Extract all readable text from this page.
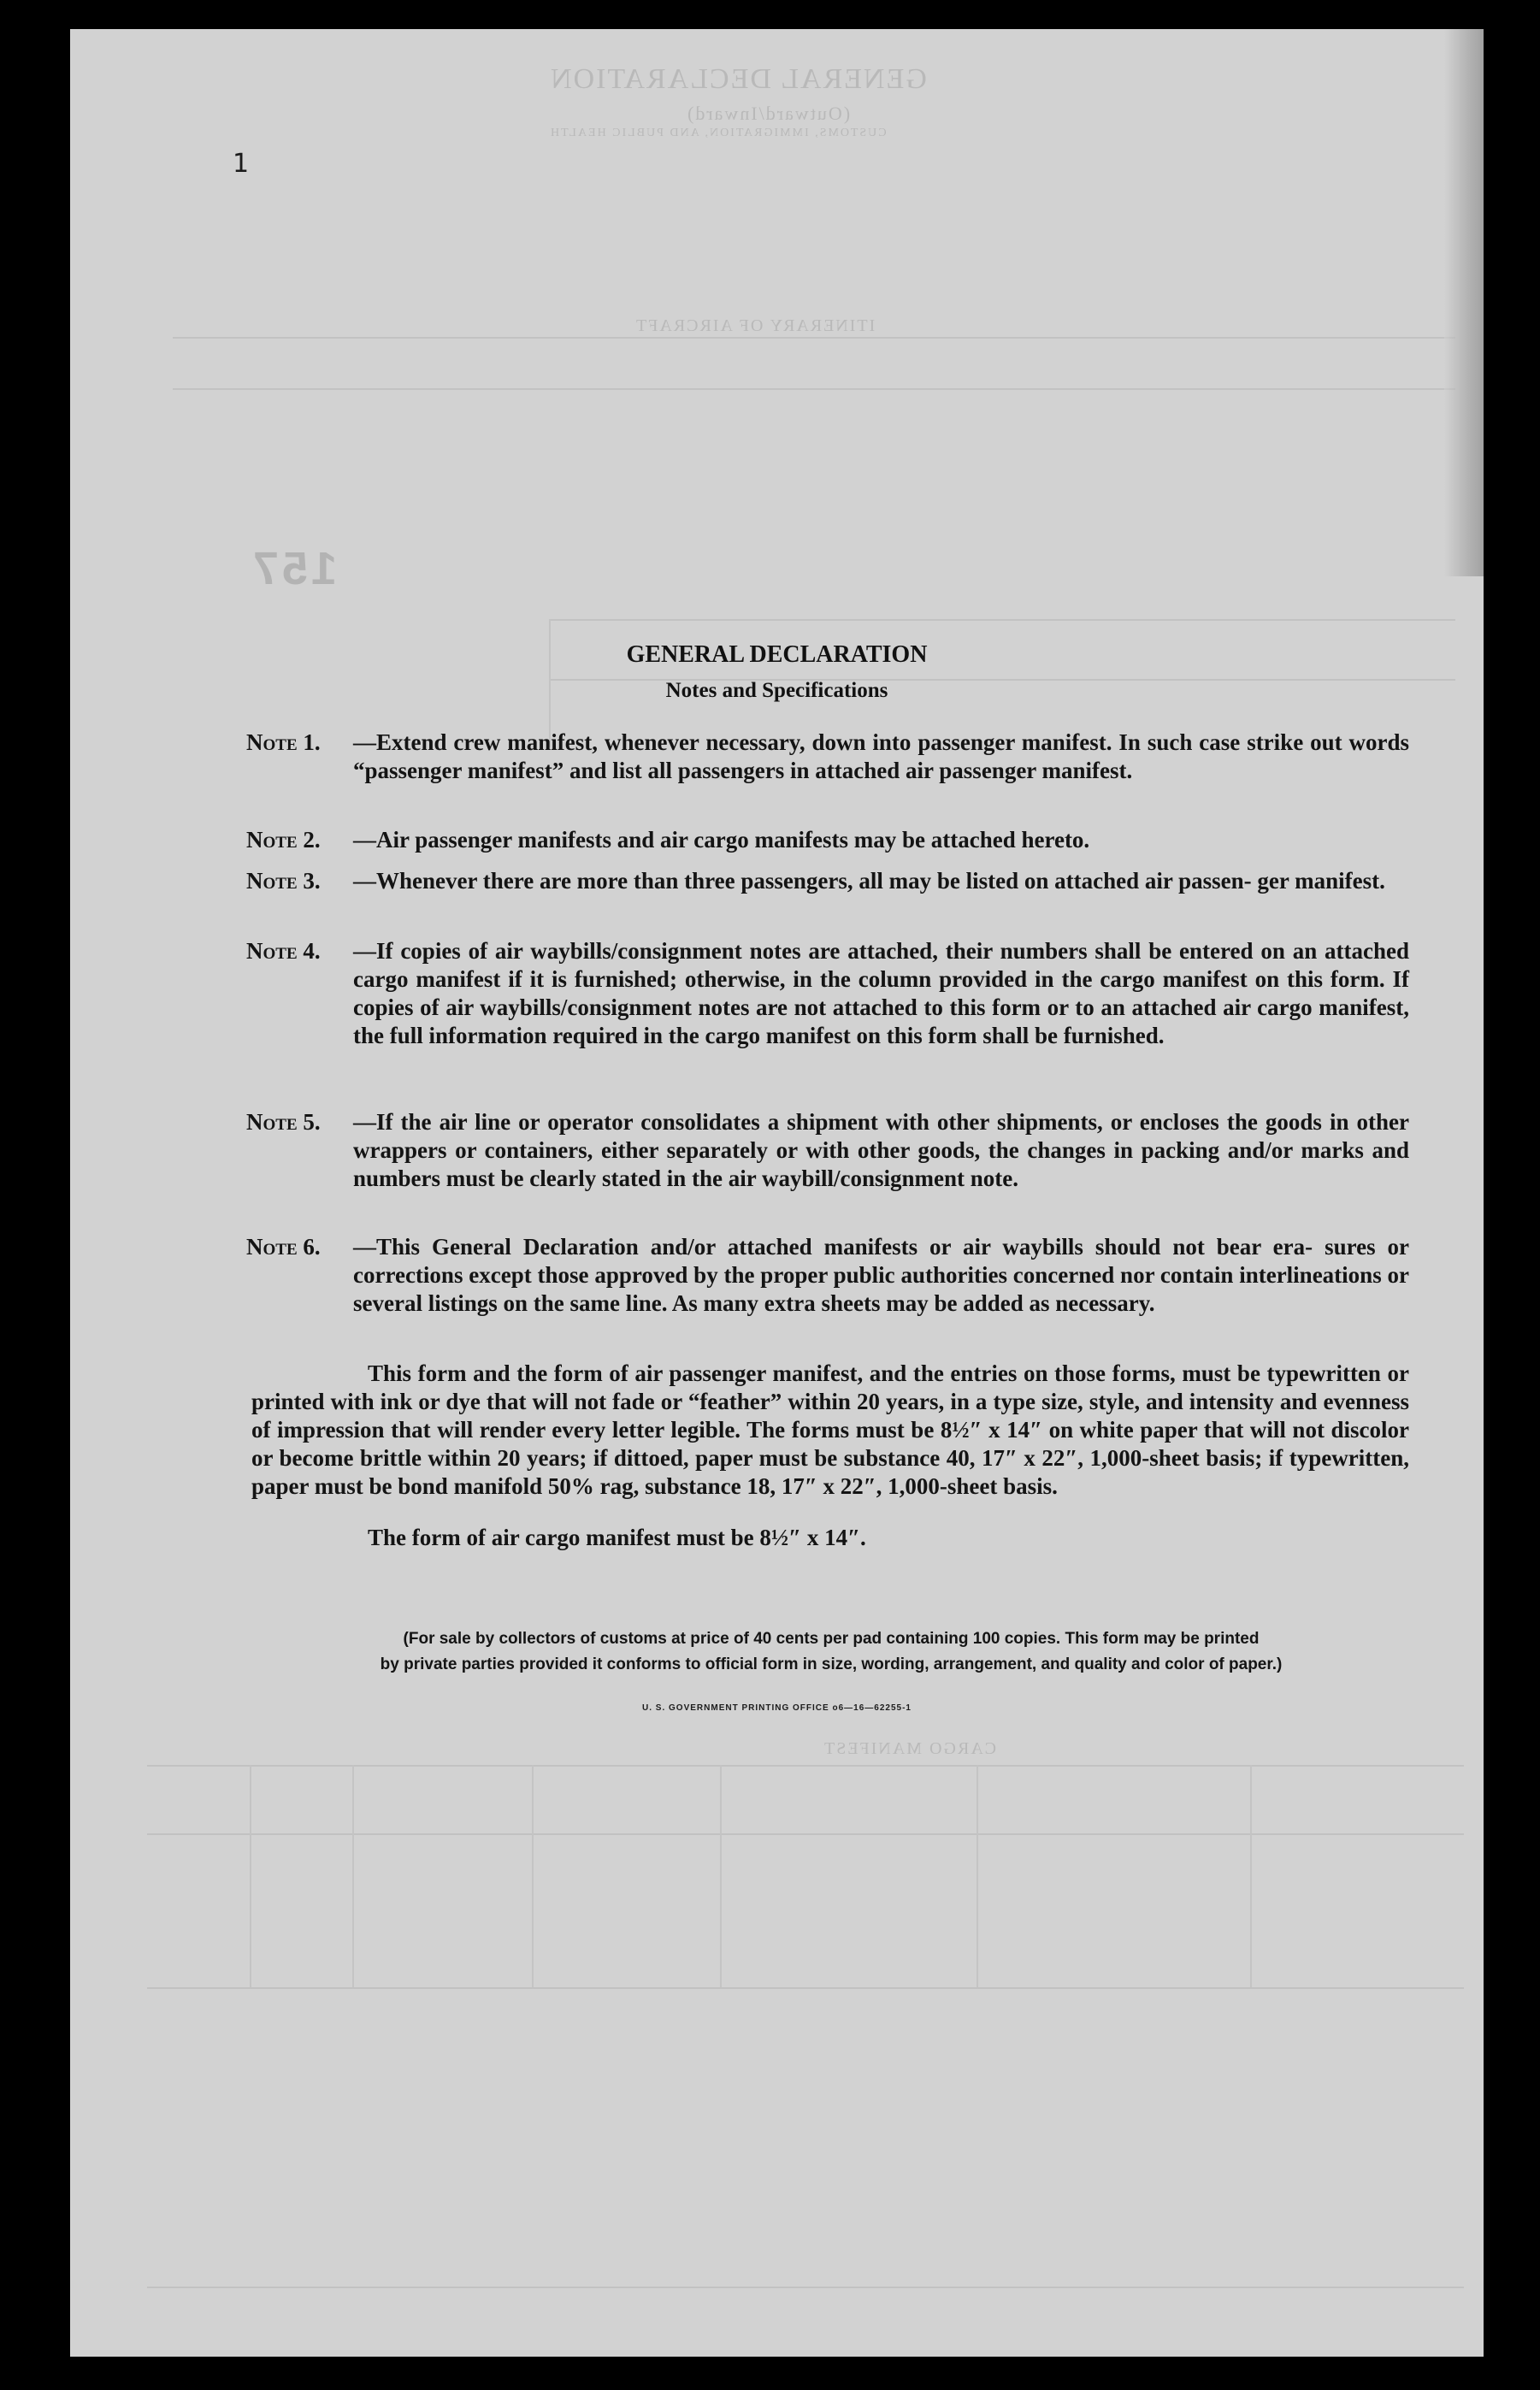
GENERAL DECLARATION
(Outward/Inward)
CUSTOMS, IMMIGRATION, AND PUBLIC HEALTH
ITINERARY OF AIRCRAFT
CARGO MANIFEST
1
157
GENERAL DECLARATION
Notes and Specifications
Note 1. —Extend crew manifest, whenever necessary, down into passenger manifest. In such case strike out words “passenger manifest” and list all passengers in attached air passenger manifest.
Note 2. —Air passenger manifests and air cargo manifests may be attached hereto.
Note 3. —Whenever there are more than three passengers, all may be listed on attached air passen- ger manifest.
Note 4. —If copies of air waybills/consignment notes are attached, their numbers shall be entered on an attached cargo manifest if it is furnished; otherwise, in the column provided in the cargo manifest on this form. If copies of air waybills/consignment notes are not attached to this form or to an attached air cargo manifest, the full information required in the cargo manifest on this form shall be furnished.
Note 5. —If the air line or operator consolidates a shipment with other shipments, or encloses the goods in other wrappers or containers, either separately or with other goods, the changes in packing and/or marks and numbers must be clearly stated in the air waybill/consignment note.
Note 6. —This General Declaration and/or attached manifests or air waybills should not bear era- sures or corrections except those approved by the proper public authorities concerned nor contain interlineations or several listings on the same line. As many extra sheets may be added as necessary.
This form and the form of air passenger manifest, and the entries on those forms, must be typewritten or printed with ink or dye that will not fade or “feather” within 20 years, in a type size, style, and intensity and evenness of impression that will render every letter legible. The forms must be 8½″ x 14″ on white paper that will not discolor or become brittle within 20 years; if dittoed, paper must be substance 40, 17″ x 22″, 1,000-sheet basis; if typewritten, paper must be bond manifold 50% rag, substance 18, 17″ x 22″, 1,000-sheet basis.
The form of air cargo manifest must be 8½″ x 14″.
(For sale by collectors of customs at price of 40 cents per pad containing 100 copies. This form may be printed
by private parties provided it conforms to official form in size, wording, arrangement, and quality and color of paper.)
U. S. GOVERNMENT PRINTING OFFICE o6—16—62255-1
